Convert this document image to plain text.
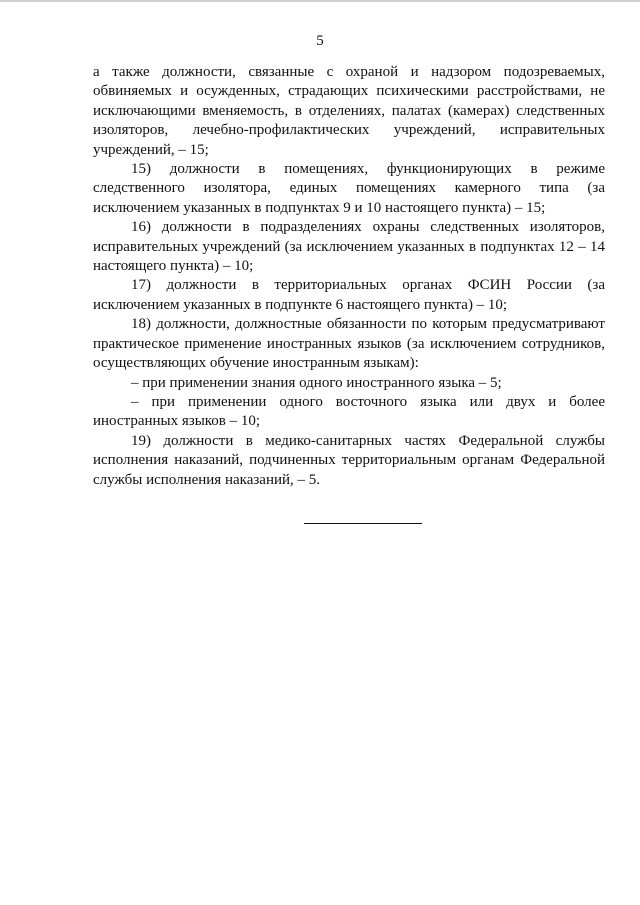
5

а также должности, связанные с охраной и надзором подозреваемых, обвиняемых и осужденных, страдающих психическими расстройствами, не исключающими вменяемость, в отделениях, палатах (камерах) следственных изоляторов, лечебно-профилактических учреждений, исправительных учреждений, – 15;

15) должности в помещениях, функционирующих в режиме следственного изолятора, единых помещениях камерного типа (за исключением указанных в подпунктах 9 и 10 настоящего пункта) – 15;

16) должности в подразделениях охраны следственных изоляторов, исправительных учреждений (за исключением указанных в подпунктах 12 – 14 настоящего пункта) – 10;

17) должности в территориальных органах ФСИН России (за исключением указанных в подпункте 6 настоящего пункта) – 10;

18) должности, должностные обязанности по которым предусматривают практическое применение иностранных языков (за исключением сотрудников, осуществляющих обучение иностранным языкам):

– при применении знания одного иностранного языка – 5;

– при применении одного восточного языка или двух и более иностранных языков – 10;

19) должности в медико-санитарных частях Федеральной службы исполнения наказаний, подчиненных территориальным органам Федеральной службы исполнения наказаний, – 5.
